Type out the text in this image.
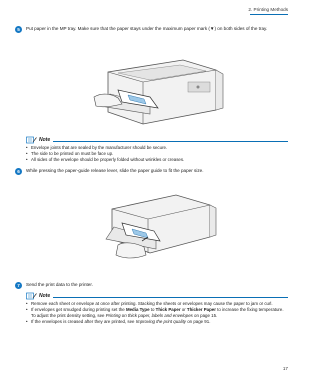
2. Printing Methods
5	Put paper in the MP tray. Make sure that the paper stays under the maximum paper mark (▼) on both sides of the tray.
Note
• Envelope joints that are sealed by the manufacturer should be secure.
• The side to be printed on must be face up.
• All sides of the envelope should be properly folded without wrinkles or creases.
6	While pressing the paper-guide release lever, slide the paper guide to fit the paper size.
7	Send the print data to the printer.
Note
• Remove each sheet or envelope at once after printing. Stacking the sheets or envelopes may cause the paper to jam or curl.
• If envelopes get smudged during printing set the Media Type to Thick Paper or Thicker Paper to increase the fixing temperature. To adjust the print density setting, see Printing on thick paper, labels and envelopes on page 15.
• If the envelopes is creased after they are printed, see Improving the print quality on page 91.
17
